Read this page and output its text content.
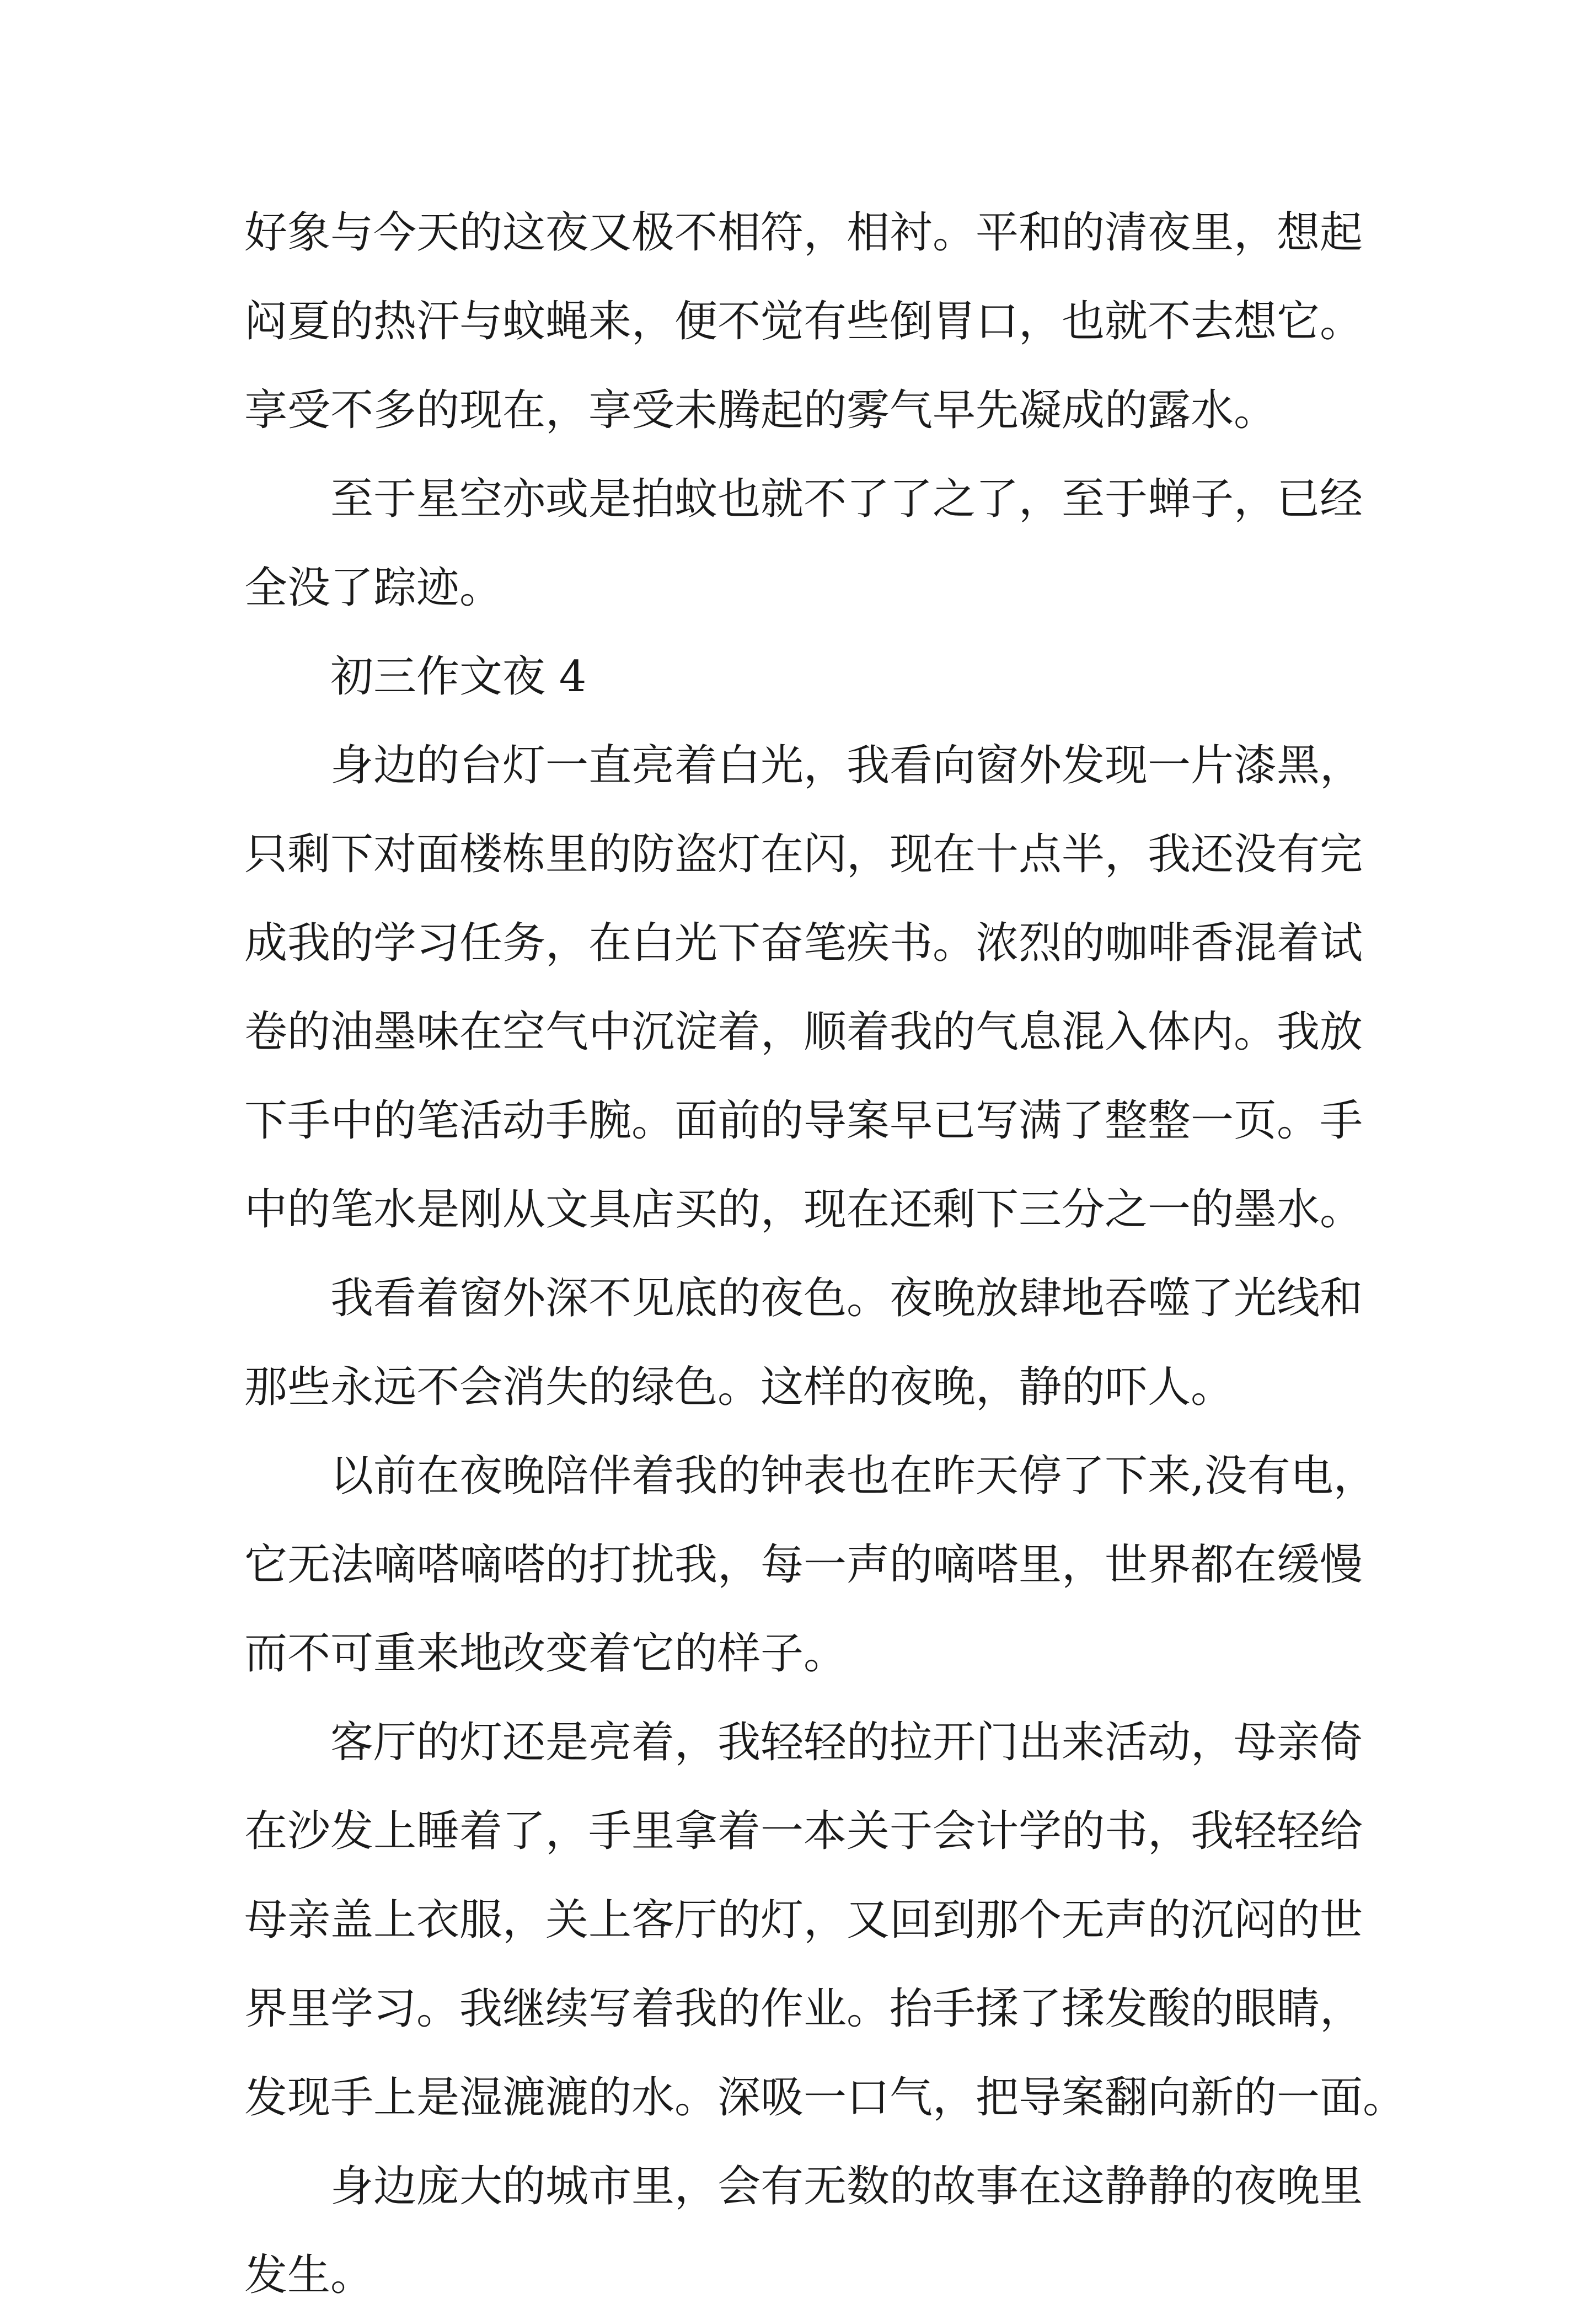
好象与今天的这夜又极不相符，相衬。平和的清夜里，想起
闷夏的热汗与蚊蝇来，便不觉有些倒胃口，也就不去想它。
享受不多的现在，享受未腾起的雾气早先凝成的露水。
至于星空亦或是拍蚊也就不了了之了，至于蝉子，已经
全没了踪迹。
初三作文夜 4
身边的台灯一直亮着白光，我看向窗外发现一片漆黑，
只剩下对面楼栋里的防盗灯在闪，现在十点半，我还没有完
成我的学习任务，在白光下奋笔疾书。浓烈的咖啡香混着试
卷的油墨味在空气中沉淀着，顺着我的气息混入体内。我放
下手中的笔活动手腕。面前的导案早已写满了整整一页。手
中的笔水是刚从文具店买的，现在还剩下三分之一的墨水。
我看着窗外深不见底的夜色。夜晚放肆地吞噬了光线和
那些永远不会消失的绿色。这样的夜晚，静的吓人。
以前在夜晚陪伴着我的钟表也在昨天停了下来,没有电，
它无法嘀嗒嘀嗒的打扰我，每一声的嘀嗒里，世界都在缓慢
而不可重来地改变着它的样子。
客厅的灯还是亮着，我轻轻的拉开门出来活动，母亲倚
在沙发上睡着了，手里拿着一本关于会计学的书，我轻轻给
母亲盖上衣服，关上客厅的灯，又回到那个无声的沉闷的世
界里学习。我继续写着我的作业。抬手揉了揉发酸的眼睛，
发现手上是湿漉漉的水。深吸一口气，把导案翻向新的一面。
身边庞大的城市里，会有无数的故事在这静静的夜晚里
发生。
